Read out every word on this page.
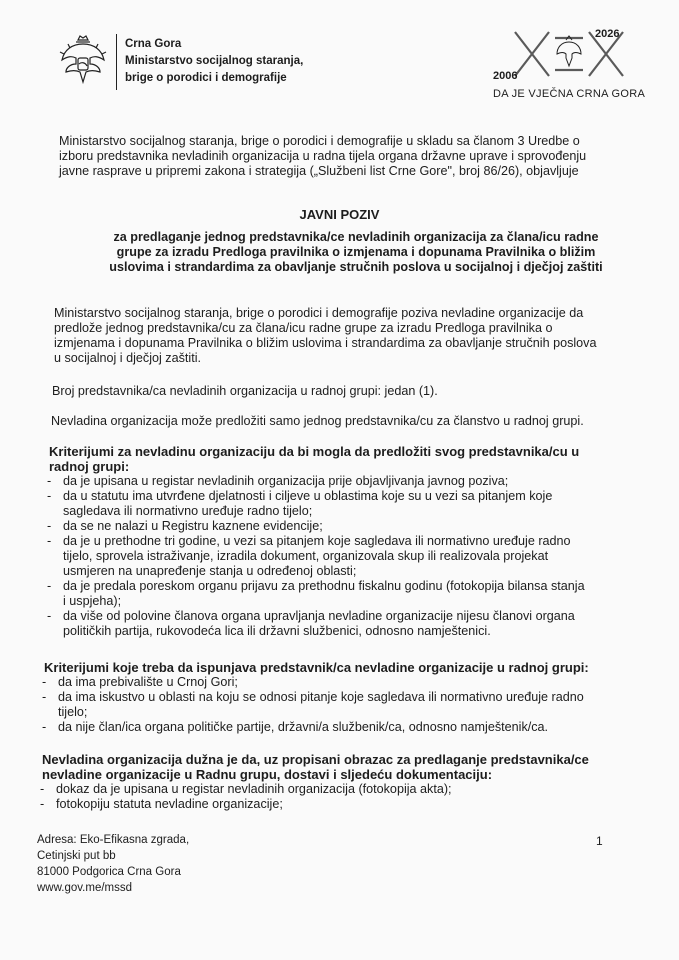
Crna Gora
Ministarstvo socijalnog staranja,
brige o porodici i demografije
2026
2006
DA JE VJEČNA CRNA GORA
Ministarstvo socijalnog staranja, brige o porodici i demografije u skladu sa članom 3 Uredbe o
izboru predstavnika nevladinih organizacija u radna tijela organa državne uprave i sprovođenju
javne rasprave u pripremi zakona i strategija („Službeni list Crne Gore", broj 86/26), objavljuje
JAVNI POZIV
za predlaganje jednog predstavnika/ce nevladinih organizacija za člana/icu radne
grupe za izradu Predloga pravilnika o izmjenama i dopunama Pravilnika o bližim
uslovima i strandardima za obavljanje stručnih poslova u socijalnoj i dječjoj zaštiti
Ministarstvo socijalnog staranja, brige o porodici i demografije poziva nevladine organizacije da
predlože jednog predstavnika/cu za člana/icu radne grupe za izradu Predloga pravilnika o
izmjenama i dopunama Pravilnika o bližim uslovima i strandardima za obavljanje stručnih poslova
u socijalnoj i dječjoj zaštiti.
Broj predstavnika/ca nevladinih organizacija u radnoj grupi: jedan (1).
Nevladina organizacija može predložiti samo jednog predstavnika/cu za članstvo u radnoj grupi.
Kriterijumi za nevladinu organizaciju da bi mogla da predložiti svog predstavnika/cu u
radnoj grupi:
- da je upisana u registar nevladinih organizacija prije objavljivanja javnog poziva;
- da u statutu ima utvrđene djelatnosti i ciljeve u oblastima koje su u vezi sa pitanjem koje
sagledava ili normativno uređuje radno tijelo;
- da se ne nalazi u Registru kaznene evidencije;
- da je u prethodne tri godine, u vezi sa pitanjem koje sagledava ili normativno uređuje radno
tijelo, sprovela istraživanje, izradila dokument, organizovala skup ili realizovala projekat
usmjeren na unapređenje stanja u određenoj oblasti;
- da je predala poreskom organu prijavu za prethodnu fiskalnu godinu (fotokopija bilansa stanja
i uspjeha);
- da više od polovine članova organa upravljanja nevladine organizacije nijesu članovi organa
političkih partija, rukovodeća lica ili državni službenici, odnosno namještenici.
Kriterijumi koje treba da ispunjava predstavnik/ca nevladine organizacije u radnoj grupi:
- da ima prebivalište u Crnoj Gori;
- da ima iskustvo u oblasti na koju se odnosi pitanje koje sagledava ili normativno uređuje radno
tijelo;
- da nije član/ica organa političke partije, državni/a službenik/ca, odnosno namještenik/ca.
Nevladina organizacija dužna je da, uz propisani obrazac za predlaganje predstavnika/ce
nevladine organizacije u Radnu grupu, dostavi i sljedeću dokumentaciju:
- dokaz da je upisana u registar nevladinih organizacija (fotokopija akta);
- fotokopiju statuta nevladine organizacije;
Adresa: Eko-Efikasna zgrada,
Cetinjski put bb
81000 Podgorica Crna Gora
www.gov.me/mssd
1
